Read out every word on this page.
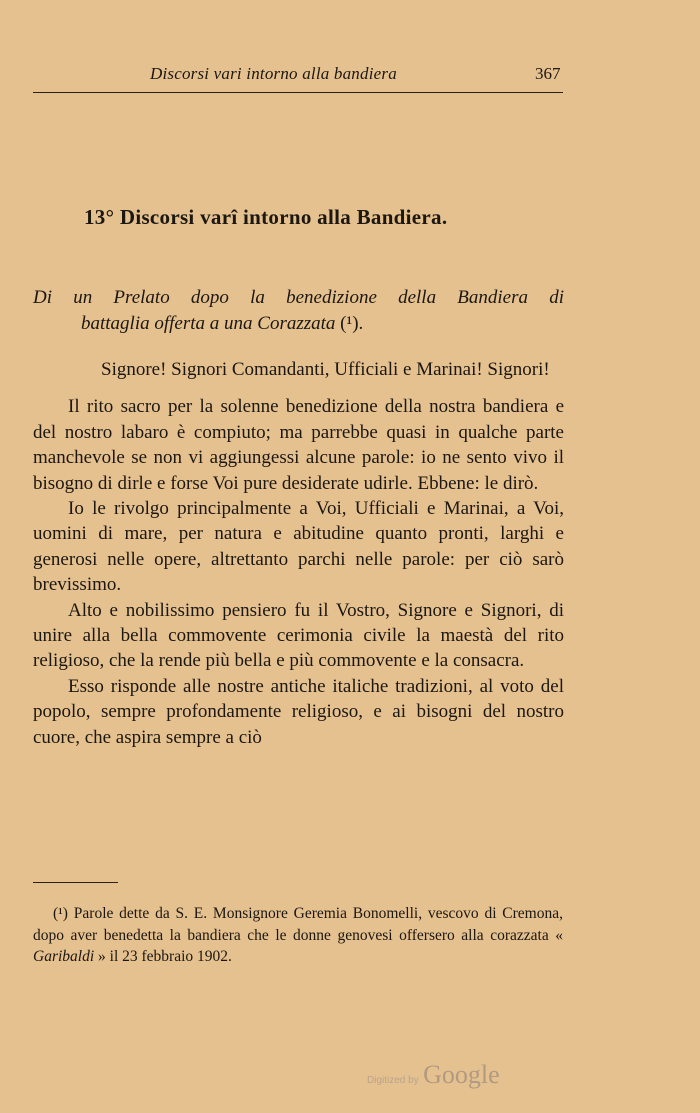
Discorsi vari intorno alla bandiera	367
13° Discorsi varî intorno alla Bandiera.
Di un Prelato dopo la benedizione della Bandiera di
battaglia offerta a una Corazzata (¹).

Signore! Signori Comandanti, Ufficiali e Marinai! Signori!

Il rito sacro per la solenne benedizione della nostra bandiera e del nostro labaro è compiuto; ma parrebbe quasi in qualche parte manchevole se non vi aggiungessi alcune parole: io ne sento vivo il bisogno di dirle e forse Voi pure desiderate udirle. Ebbene: le dirò.

Io le rivolgo principalmente a Voi, Ufficiali e Marinai, a Voi, uomini di mare, per natura e abitudine quanto pronti, larghi e generosi nelle opere, altrettanto parchi nelle parole: per ciò sarò brevissimo.

Alto e nobilissimo pensiero fu il Vostro, Signore e Signori, di unire alla bella commovente cerimonia civile la maestà del rito religioso, che la rende più bella e più commovente e la consacra.

Esso risponde alle nostre antiche italiche tradizioni, al voto del popolo, sempre profondamente religioso, e ai bisogni del nostro cuore, che aspira sempre a ciò

(¹) Parole dette da S. E. Monsignore Geremia Bonomelli, vescovo di Cremona, dopo aver benedetta la bandiera che le donne genovesi offersero alla corazzata « Garibaldi » il 23 febbraio 1902.

Digitized by Google
